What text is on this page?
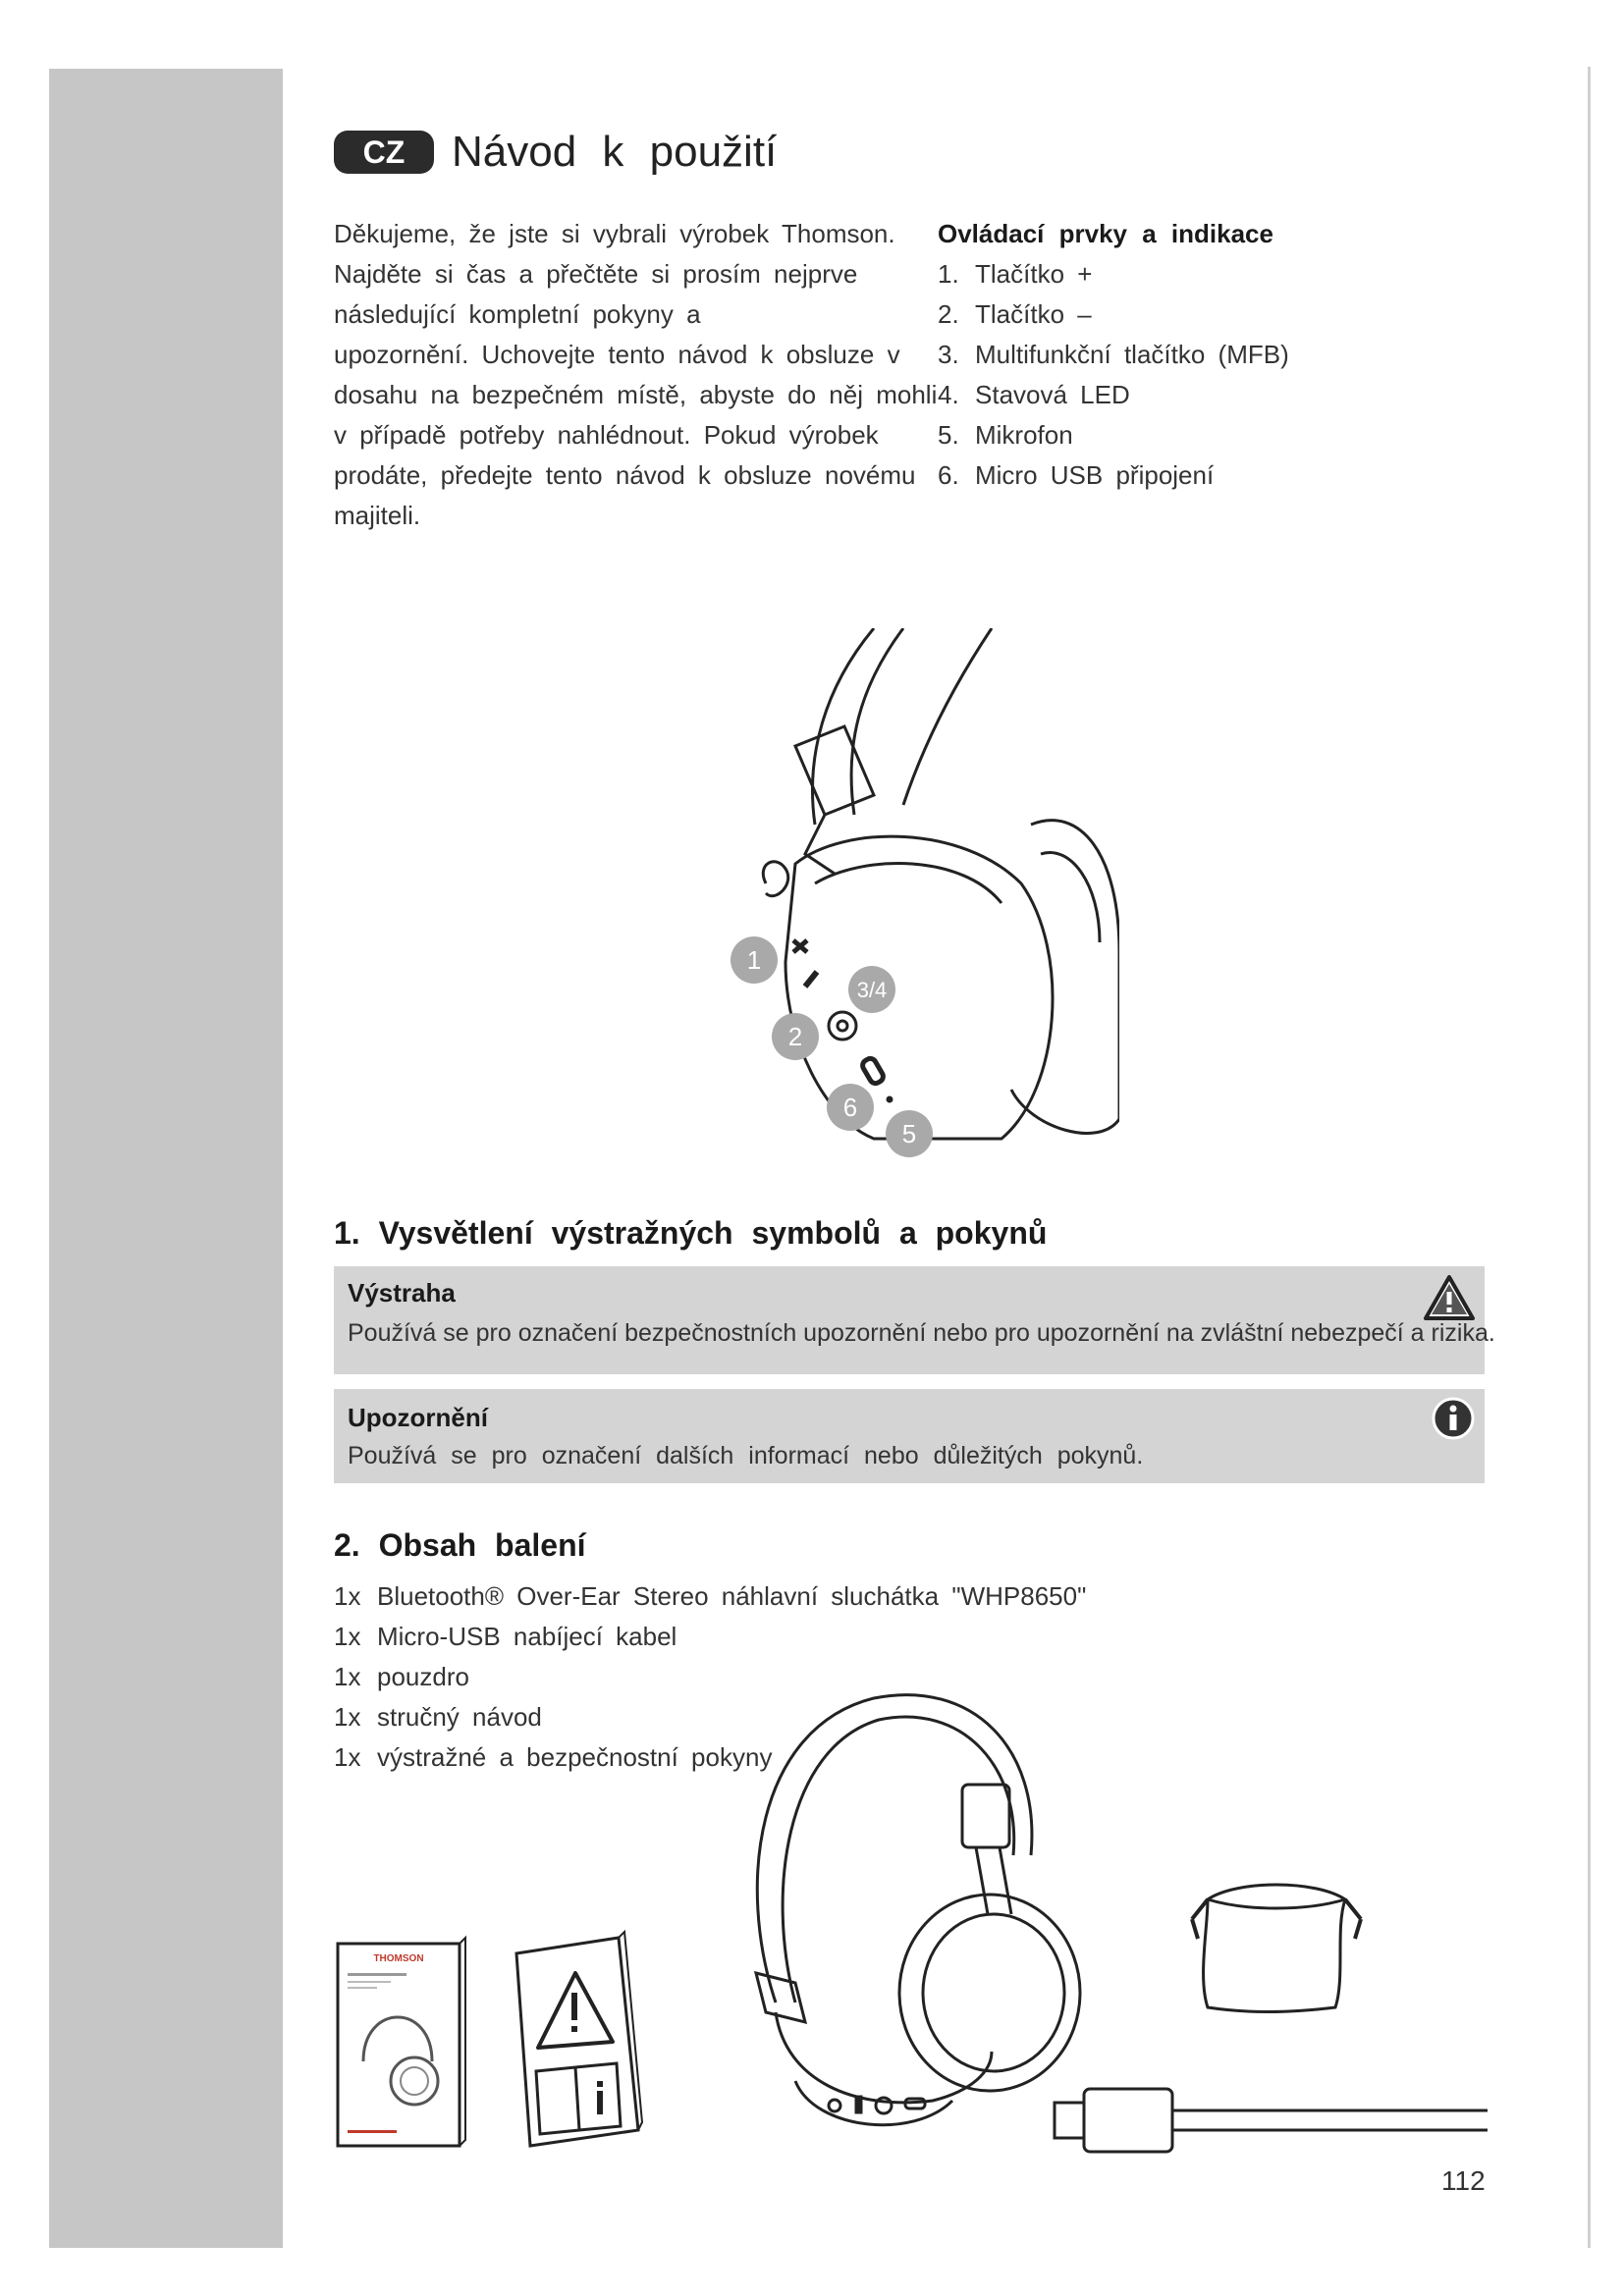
CZ	Návod k použití
Děkujeme, že jste si vybrali výrobek Thomson.
Najděte si čas a přečtěte si prosím nejprve
následující kompletní pokyny a
upozornění. Uchovejte tento návod k obsluze v
dosahu na bezpečném místě, abyste do něj mohli
v případě potřeby nahlédnout. Pokud výrobek
prodáte, předejte tento návod k obsluze novému
majiteli.
Ovládací prvky a indikace
1. Tlačítko +
2. Tlačítko –
3. Multifunkční tlačítko (MFB)
4. Stavová LED
5. Mikrofon
6. Micro USB připojení
1
2
3/4
6
5
1. Vysvětlení výstražných symbolů a pokynů
Výstraha
Používá se pro označení bezpečnostních upozornění nebo pro upozornění na zvláštní nebezpečí a rizika.
Upozornění
Používá se pro označení dalších informací nebo důležitých pokynů.
2. Obsah balení
1x Bluetooth® Over-Ear Stereo náhlavní sluchátka "WHP8650"
1x Micro-USB nabíjecí kabel
1x pouzdro
1x stručný návod
1x výstražné a bezpečnostní pokyny
THOMSON
112
